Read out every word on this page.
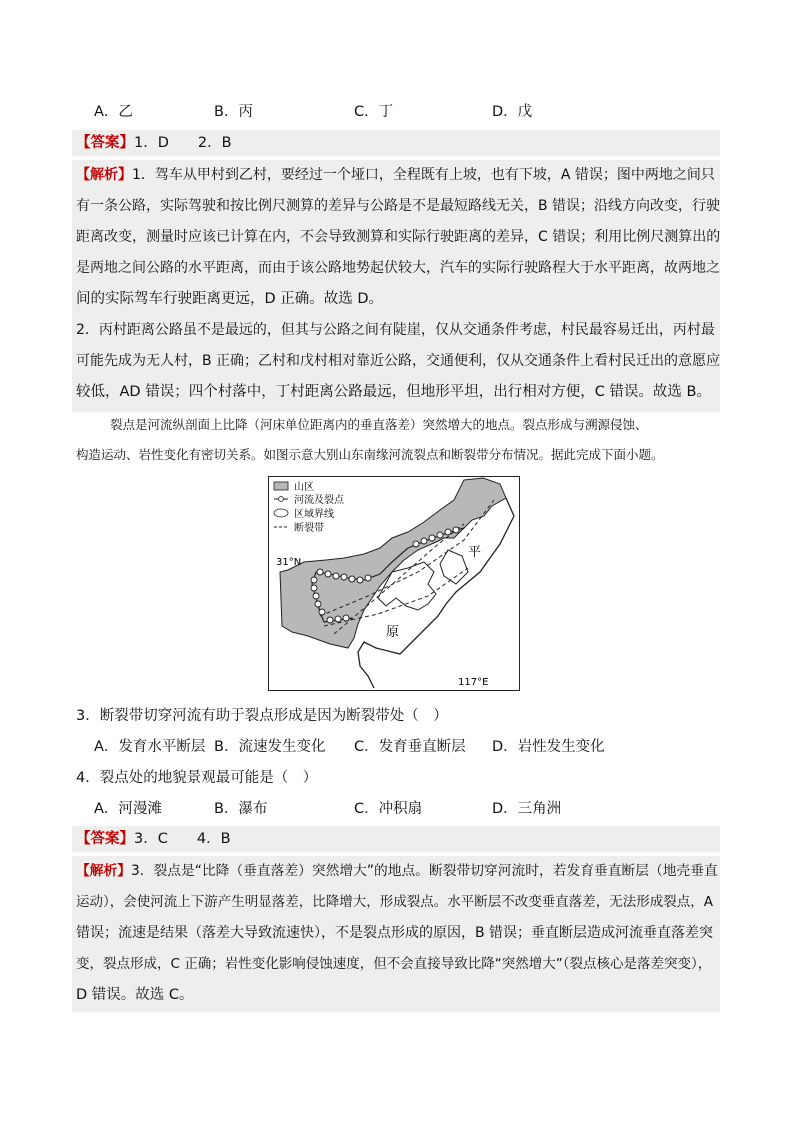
A．乙	B．丙	C．丁	D．戊
【答案】1．D　　2．B
【解析】1．驾车从甲村到乙村，要经过一个垭口，全程既有上坡，也有下坡，A 错误；图中两地之间只
有一条公路，实际驾驶和按比例尺测算的差异与公路是不是最短路线无关，B 错误；沿线方向改变，行驶
距离改变，测量时应该已计算在内，不会导致测算和实际行驶距离的差异，C 错误；利用比例尺测算出的
是两地之间公路的水平距离，而由于该公路地势起伏较大，汽车的实际行驶路程大于水平距离，故两地之
间的实际驾车行驶距离更远，D 正确。故选 D。
2．丙村距离公路虽不是最远的，但其与公路之间有陡崖，仅从交通条件考虑，村民最容易迁出，丙村最
可能先成为无人村，B 正确；乙村和戊村相对靠近公路，交通便利，仅从交通条件上看村民迁出的意愿应
较低，AD 错误；四个村落中，丁村距离公路最远，但地形平坦，出行相对方便，C 错误。故选 B。
裂点是河流纵剖面上比降（河床单位距离内的垂直落差）突然增大的地点。裂点形成与溯源侵蚀、
构造运动、岩性变化有密切关系。如图示意大别山东南缘河流裂点和断裂带分布情况。据此完成下面小题。
山区
河流及裂点
区域界线
断裂带
31°N
117°E
平
原
3．断裂带切穿河流有助于裂点形成是因为断裂带处（　）
A．发育水平断层 B．流速发生变化 C．发育垂直断层 D．岩性发生变化
4．裂点处的地貌景观最可能是（　）
A．河漫滩	B．瀑布	C．冲积扇	D．三角洲
【答案】3．C　　4．B
【解析】3．裂点是“比降（垂直落差）突然增大”的地点。断裂带切穿河流时，若发育垂直断层（地壳垂直
运动），会使河流上下游产生明显落差，比降增大，形成裂点。水平断层不改变垂直落差，无法形成裂点，A
错误；流速是结果（落差大导致流速快），不是裂点形成的原因，B 错误；垂直断层造成河流垂直落差突
变，裂点形成，C 正确；岩性变化影响侵蚀速度，但不会直接导致比降“突然增大”（裂点核心是落差突变），
D 错误。故选 C。
